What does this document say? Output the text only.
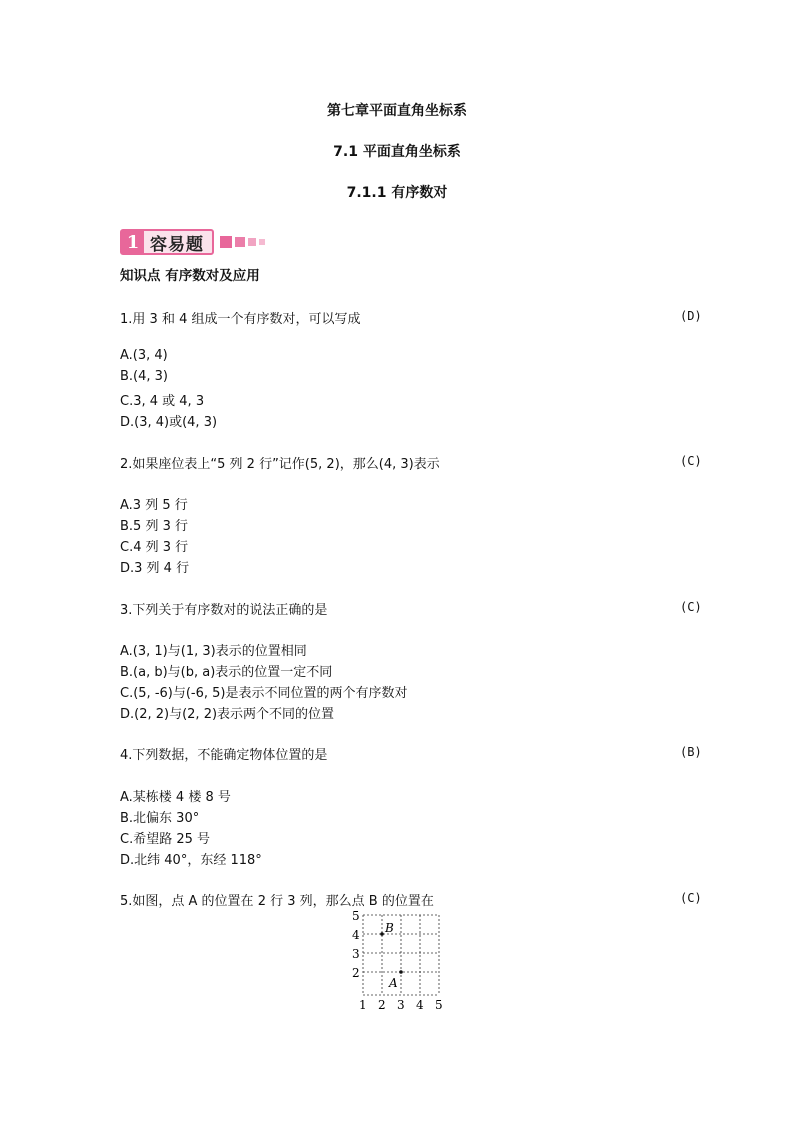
第七章平面直角坐标系
7.1 平面直角坐标系
7.1.1 有序数对
1 容易题
知识点 有序数对及应用
1.用 3 和 4 组成一个有序数对，可以写成	(D)
A.(3, 4)
B.(4, 3)
C.3, 4 或 4, 3
D.(3, 4)或(4, 3)
2.如果座位表上“5 列 2 行”记作(5, 2)，那么(4, 3)表示	(C)
A.3 列 5 行
B.5 列 3 行
C.4 列 3 行
D.3 列 4 行
3.下列关于有序数对的说法正确的是	(C)
A.(3, 1)与(1, 3)表示的位置相同
B.(a, b)与(b, a)表示的位置一定不同
C.(5, -6)与(-6, 5)是表示不同位置的两个有序数对
D.(2, 2)与(2, 2)表示两个不同的位置
4.下列数据，不能确定物体位置的是	(B)
A.某栋楼 4 楼 8 号
B.北偏东 30°
C.希望路 25 号
D.北纬 40°，东经 118°
5.如图，点 A 的位置在 2 行 3 列，那么点 B 的位置在	(C)
5
4
3
2
1 2 3 4 5
B
A
